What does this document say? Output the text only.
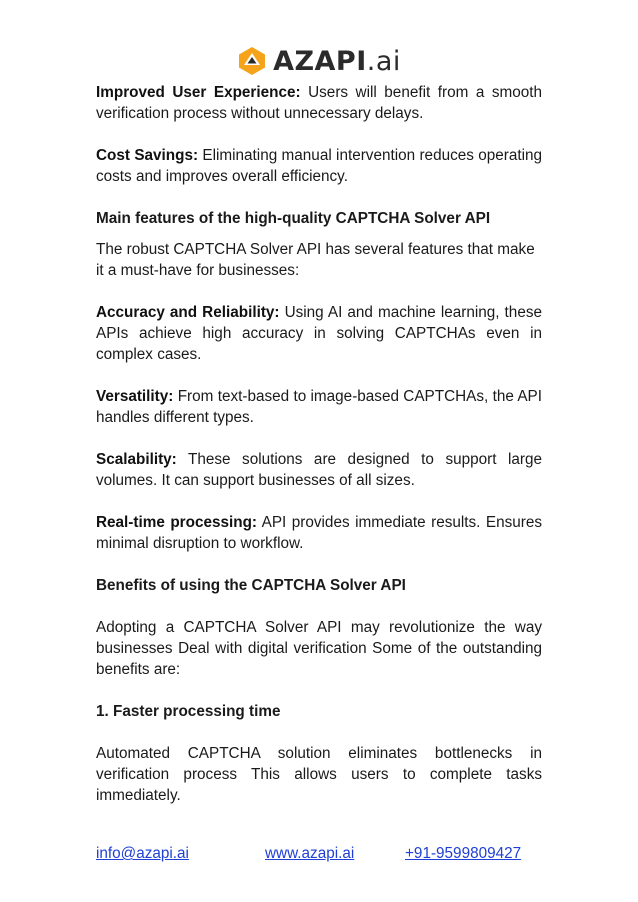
AZAPI.ai

Improved User Experience: Users will benefit from a smooth verification process without unnecessary delays.

Cost Savings: Eliminating manual intervention reduces operating costs and improves overall efficiency.

Main features of the high-quality CAPTCHA Solver API

The robust CAPTCHA Solver API has several features that make it a must-have for businesses:

Accuracy and Reliability: Using AI and machine learning, these APIs achieve high accuracy in solving CAPTCHAs even in complex cases.

Versatility: From text-based to image-based CAPTCHAs, the API handles different types.

Scalability: These solutions are designed to support large volumes. It can support businesses of all sizes.

Real-time processing: API provides immediate results. Ensures minimal disruption to workflow.

Benefits of using the CAPTCHA Solver API

Adopting a CAPTCHA Solver API may revolutionize the way businesses Deal with digital verification Some of the outstanding benefits are:

1. Faster processing time

Automated CAPTCHA solution eliminates bottlenecks in verification process This allows users to complete tasks immediately.

info@azapi.ai	www.azapi.ai	+91-9599809427
